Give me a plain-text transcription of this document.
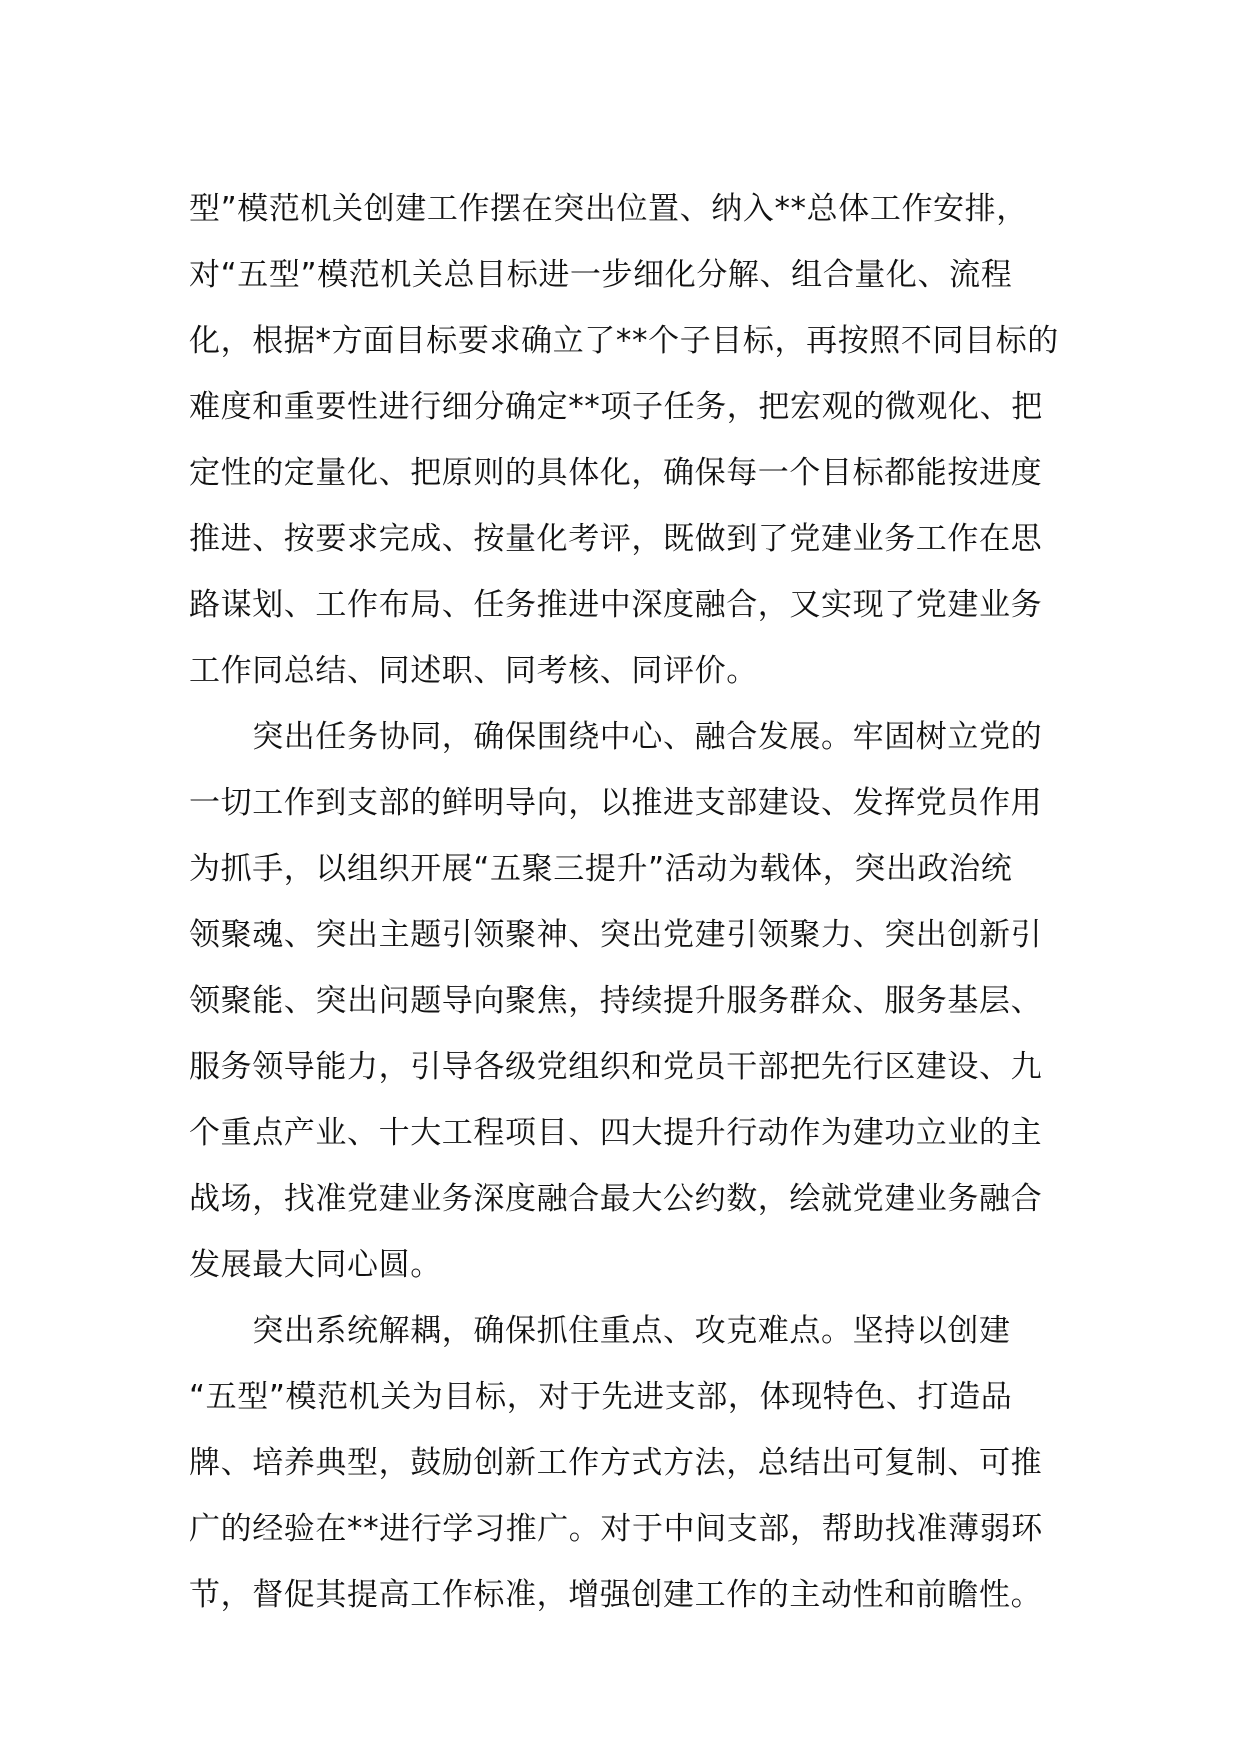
型”模范机关创建工作摆在突出位置、纳入**总体工作安排，
对“五型”模范机关总目标进一步细化分解、组合量化、流程
化，根据*方面目标要求确立了**个子目标，再按照不同目标的
难度和重要性进行细分确定**项子任务，把宏观的微观化、把
定性的定量化、把原则的具体化，确保每一个目标都能按进度
推进、按要求完成、按量化考评，既做到了党建业务工作在思
路谋划、工作布局、任务推进中深度融合，又实现了党建业务
工作同总结、同述职、同考核、同评价。
　　突出任务协同，确保围绕中心、融合发展。牢固树立党的
一切工作到支部的鲜明导向，以推进支部建设、发挥党员作用
为抓手，以组织开展“五聚三提升”活动为载体，突出政治统
领聚魂、突出主题引领聚神、突出党建引领聚力、突出创新引
领聚能、突出问题导向聚焦，持续提升服务群众、服务基层、
服务领导能力，引导各级党组织和党员干部把先行区建设、九
个重点产业、十大工程项目、四大提升行动作为建功立业的主
战场，找准党建业务深度融合最大公约数，绘就党建业务融合
发展最大同心圆。
　　突出系统解耦，确保抓住重点、攻克难点。坚持以创建
“五型”模范机关为目标，对于先进支部，体现特色、打造品
牌、培养典型，鼓励创新工作方式方法，总结出可复制、可推
广的经验在**进行学习推广。对于中间支部，帮助找准薄弱环
节，督促其提高工作标准，增强创建工作的主动性和前瞻性。
